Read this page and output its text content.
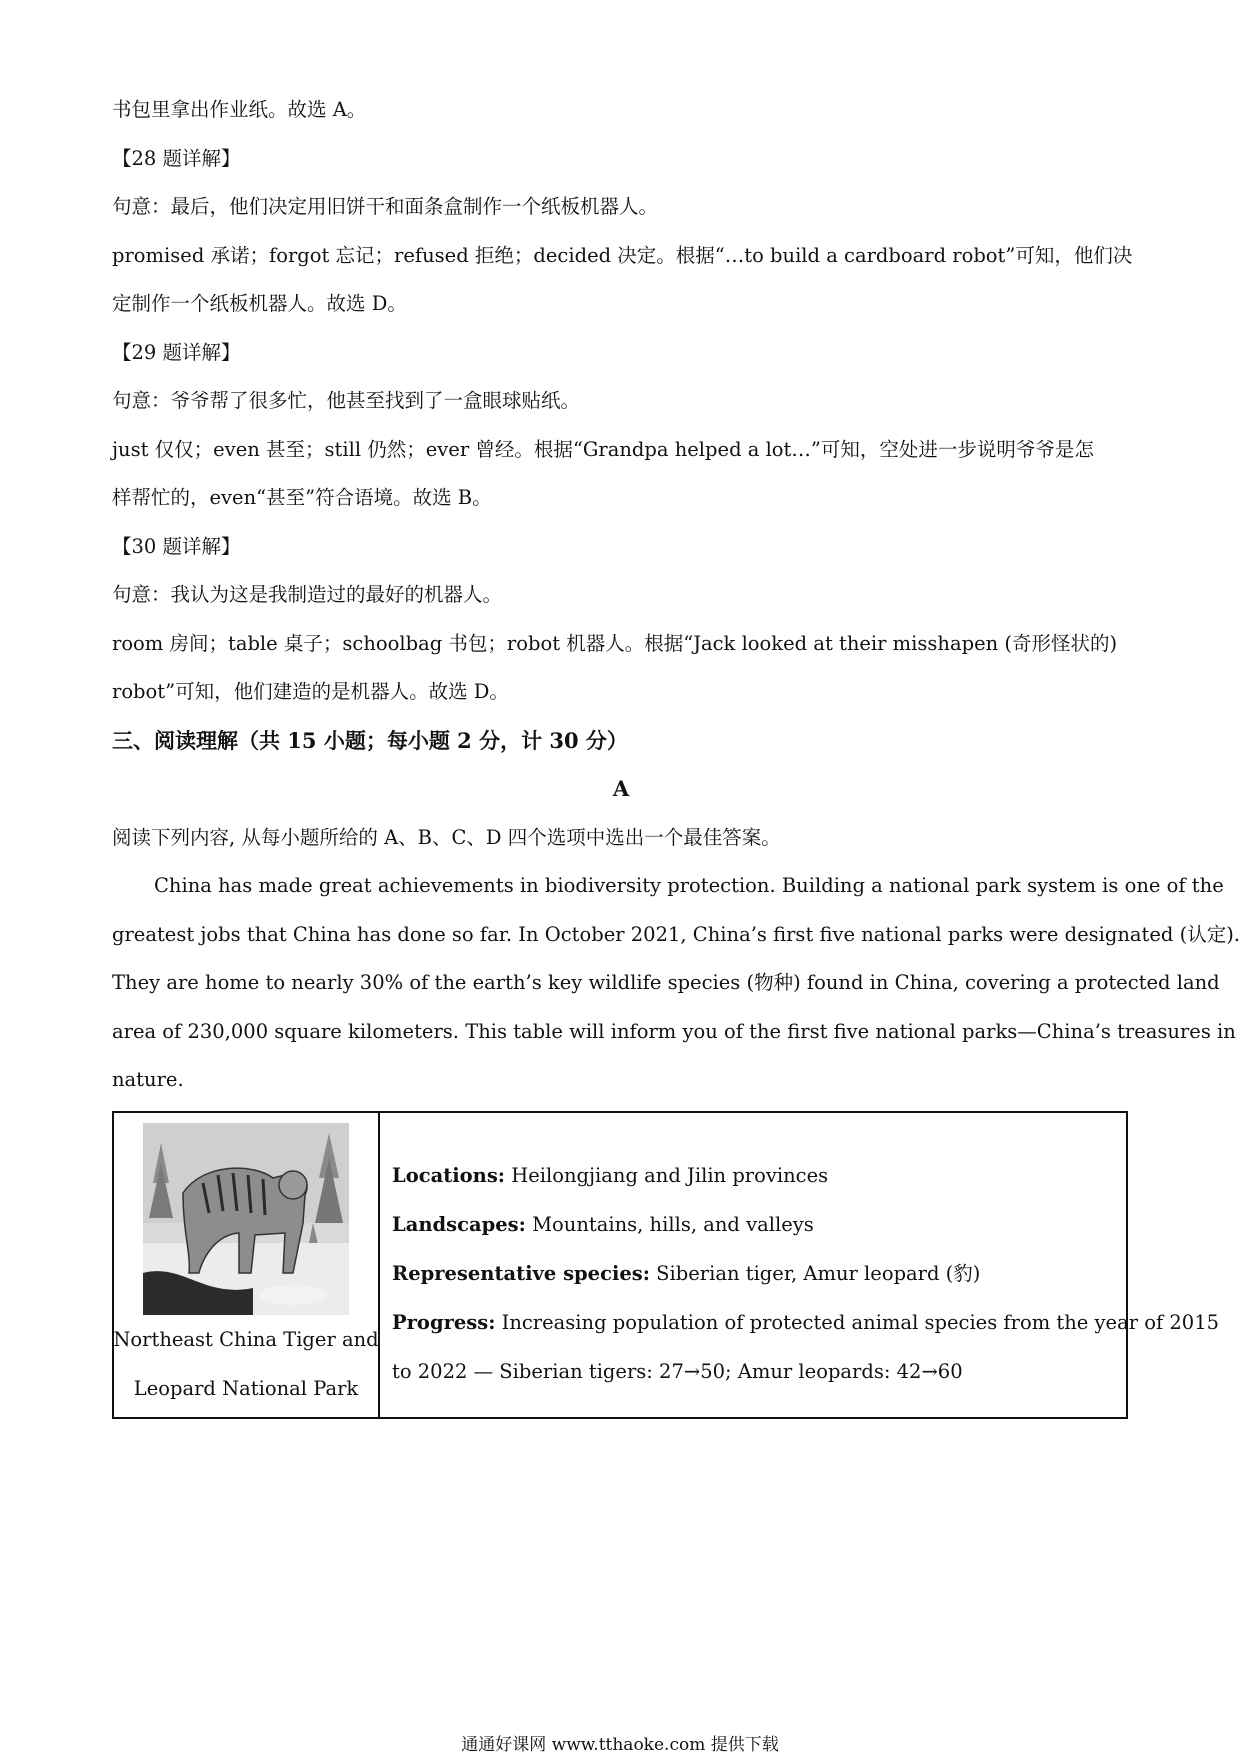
书包里拿出作业纸。故选 A。

【28 题详解】

句意：最后，他们决定用旧饼干和面条盒制作一个纸板机器人。

promised 承诺；forgot 忘记；refused 拒绝；decided 决定。根据“…to build a cardboard robot”可知，他们决

定制作一个纸板机器人。故选 D。

【29 题详解】

句意：爷爷帮了很多忙，他甚至找到了一盒眼球贴纸。

just 仅仅；even 甚至；still 仍然；ever 曾经。根据“Grandpa helped a lot…”可知，空处进一步说明爷爷是怎

样帮忙的，even“甚至”符合语境。故选 B。

【30 题详解】

句意：我认为这是我制造过的最好的机器人。

room 房间；table 桌子；schoolbag 书包；robot 机器人。根据“Jack looked at their misshapen (奇形怪状的)

robot”可知，他们建造的是机器人。故选 D。

三、阅读理解（共 15 小题；每小题 2 分，计 30 分）

A

阅读下列内容, 从每小题所给的 A、B、C、D 四个选项中选出一个最佳答案。

China has made great achievements in biodiversity protection. Building a national park system is one of the

greatest jobs that China has done so far. In October 2021, China’s first five national parks were designated (认定).

They are home to nearly 30% of the earth’s key wildlife species (物种) found in China, covering a protected land

area of 230,000 square kilometers. This table will inform you of the first five national parks—China’s treasures in

nature.

Northeast China Tiger and

Leopard National Park

Locations: Heilongjiang and Jilin provinces

Landscapes: Mountains, hills, and valleys

Representative species: Siberian tiger, Amur leopard (豹)

Progress: Increasing population of protected animal species from the year of 2015

to 2022 — Siberian tigers: 27→50; Amur leopards: 42→60

通通好课网 www.tthaoke.com 提供下载
